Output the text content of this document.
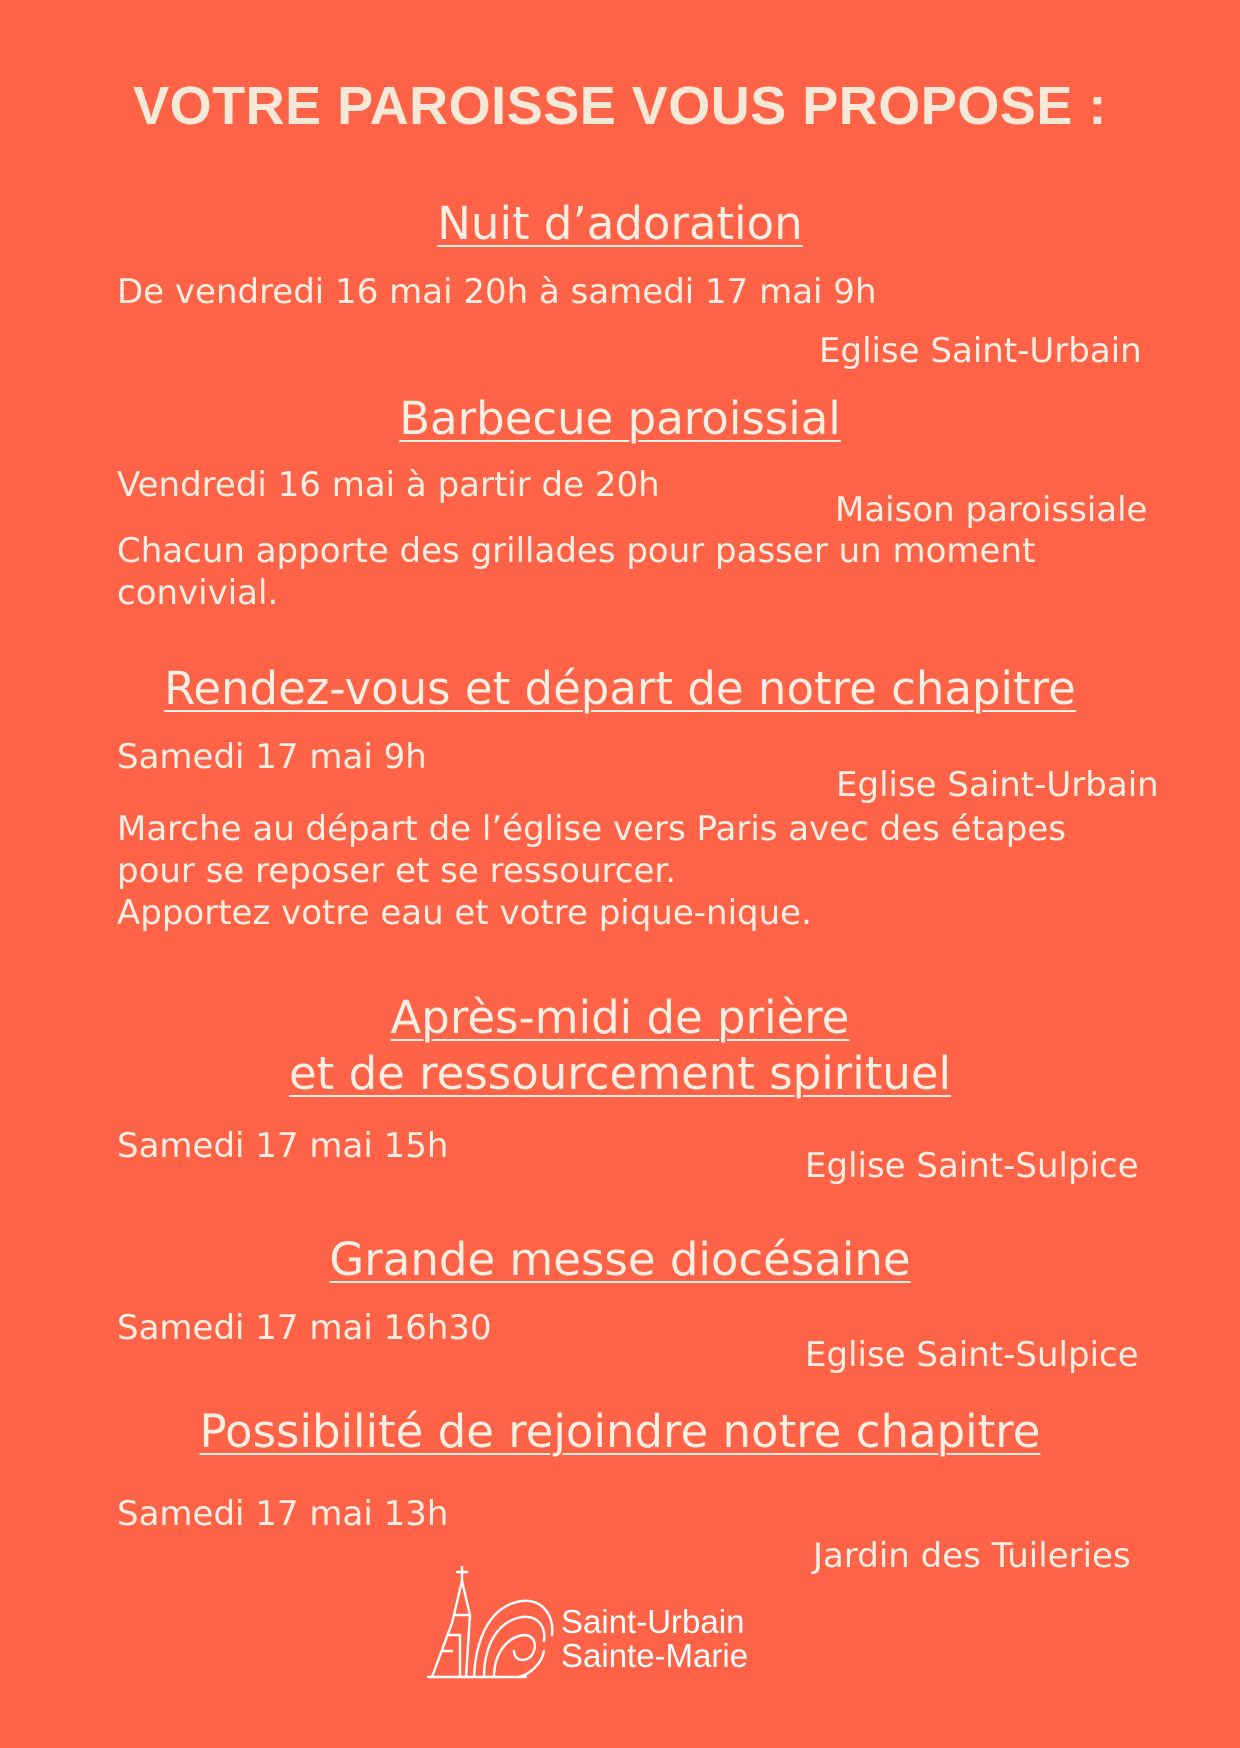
VOTRE PAROISSE VOUS PROPOSE :
Nuit d’adoration
De vendredi 16 mai 20h à samedi 17 mai 9h
Eglise Saint-Urbain
Barbecue paroissial
Vendredi 16 mai à partir de 20h
Maison paroissiale
Chacun apporte des grillades pour passer un moment convivial.
Rendez-vous et départ de notre chapitre
Samedi 17 mai 9h
Eglise Saint-Urbain
Marche au départ de l’église vers Paris avec des étapes
pour se reposer et se ressourcer.
Apportez votre eau et votre pique-nique.
Après-midi de prière
et de ressourcement spirituel
Samedi 17 mai 15h	Eglise Saint-Sulpice
Grande messe diocésaine
Samedi 17 mai 16h30
Eglise Saint-Sulpice
Possibilité de rejoindre notre chapitre
Samedi 17 mai 13h
Jardin des Tuileries
Saint-Urbain
Sainte-Marie
